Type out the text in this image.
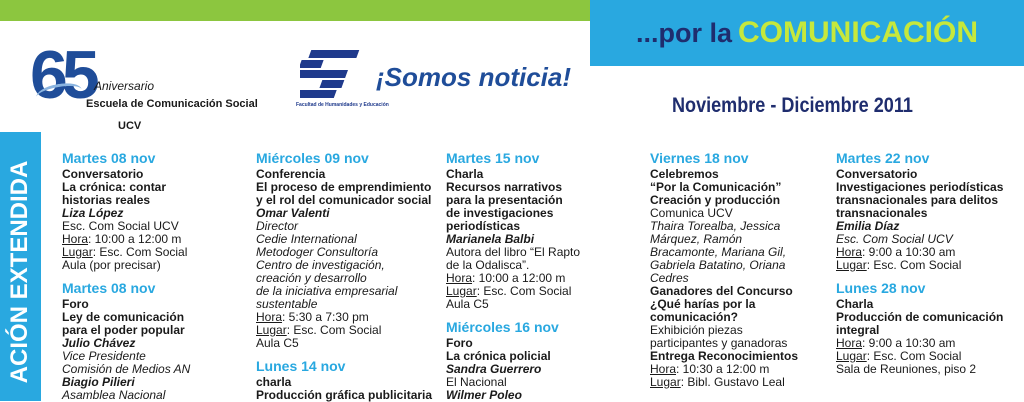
...por la COMUNICACIÓN
65 Aniversario
Escuela de Comunicación Social
UCV
Facultad de Humanidades y Educación
¡Somos noticia!
Noviembre - Diciembre 2011
ACIÓN EXTENDIDA
Martes 08 nov
Conversatorio
La crónica: contar
historias reales
Liza López
Esc. Com Social UCV
Hora: 10:00 a 12:00 m
Lugar: Esc. Com Social
Aula (por precisar)
Martes 08 nov
Foro
Ley de comunicación
para el poder popular
Julio Chávez
Vice Presidente
Comisión de Medios AN
Biagio Pilieri
Asamblea Nacional
Miércoles 09 nov
Conferencia
El proceso de emprendimiento
y el rol del comunicador social
Omar Valenti
Director
Cedie International
Metodoger Consultoría
Centro de investigación,
creación y desarrollo
de la iniciativa empresarial
sustentable
Hora: 5:30 a 7:30 pm
Lugar: Esc. Com Social
Aula C5
Lunes 14 nov
charla
Producción gráfica publicitaria
Martes 15 nov
Charla
Recursos narrativos
para la presentación
de investigaciones
periodísticas
Marianela Balbi
Autora del libro “El Rapto
de la Odalisca”.
Hora: 10:00 a 12:00 m
Lugar: Esc. Com Social
Aula C5
Miércoles 16 nov
Foro
La crónica policial
Sandra Guerrero
El Nacional
Wilmer Poleo
Viernes 18 nov
Celebremos
“Por la Comunicación”
Creación y producción
Comunica UCV
Thaira Torealba, Jessica
Márquez, Ramón
Bracamonte, Mariana Gil,
Gabriela Batatino, Oriana
Cedres
Ganadores del Concurso
¿Qué harías por la
comunicación?
Exhibición piezas
participantes y ganadoras
Entrega Reconocimientos
Hora: 10:30 a 12:00 m
Lugar: Bibl. Gustavo Leal
Martes 22 nov
Conversatorio
Investigaciones periodísticas
transnacionales para delitos
transnacionales
Emilia Díaz
Esc. Com Social UCV
Hora: 9:00 a 10:30 am
Lugar: Esc. Com Social
Lunes 28 nov
Charla
Producción de comunicación
integral
Hora: 9:00 a 10:30 am
Lugar: Esc. Com Social
Sala de Reuniones, piso 2
